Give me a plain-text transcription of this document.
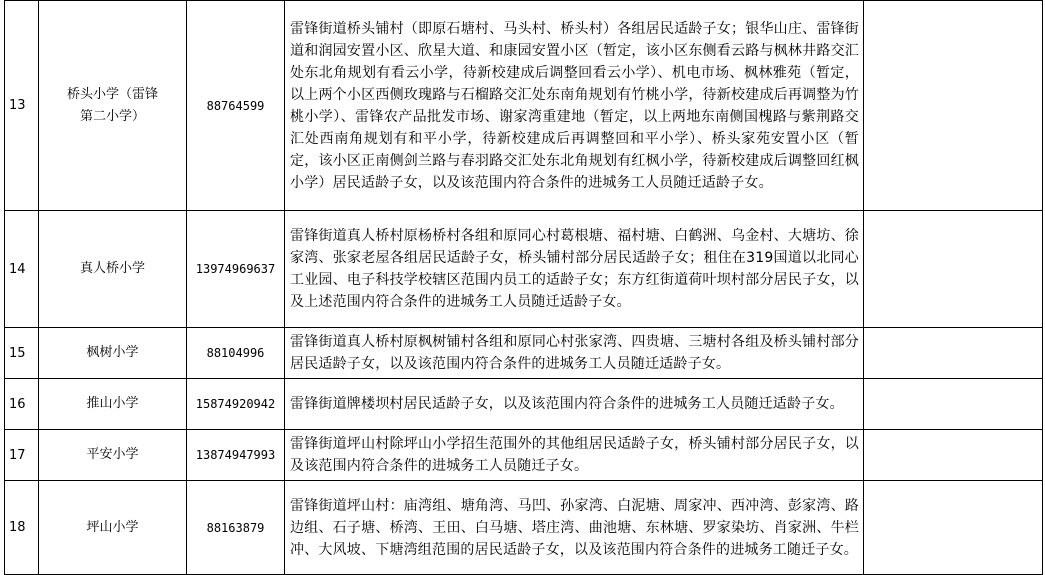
13	桥头小学（雷锋第二小学）	88764599	雷锋街道桥头铺村（即原石塘村、马头村、桥头村）各组居民适龄子女；银华山庄、雷锋街道和润园安置小区、欣星大道、和康园安置小区（暂定，该小区东侧看云路与枫林井路交汇处东北角规划有看云小学，待新校建成后调整回看云小学）、机电市场、枫林雅苑（暂定，以上两个小区西侧玫瑰路与石榴路交汇处东南角规划有竹桃小学，待新校建成后再调整为竹桃小学）、雷锋农产品批发市场、谢家湾重建地（暂定，以上两地东南侧国槐路与紫荆路交汇处西南角规划有和平小学，待新校建成后再调整回和平小学）、桥头家苑安置小区（暂定，该小区正南侧剑兰路与春羽路交汇处东北角规划有红枫小学，待新校建成后调整回红枫小学）居民适龄子女，以及该范围内符合条件的进城务工人员随迁适龄子女。	
14	真人桥小学	13974969637	雷锋街道真人桥村原杨桥村各组和原同心村葛根塘、福村塘、白鹤洲、乌金村、大塘坊、徐家湾、张家老屋各组居民适龄子女，桥头铺村部分居民适龄子女；租住在319国道以北同心工业园、电子科技学校辖区范围内员工的适龄子女；东方红街道荷叶坝村部分居民子女，以及上述范围内符合条件的进城务工人员随迁适龄子女。	
15	枫树小学	88104996	雷锋街道真人桥村原枫树铺村各组和原同心村张家湾、四贵塘、三塘村各组及桥头铺村部分居民适龄子女，以及该范围内符合条件的进城务工人员随迁适龄子女。	
16	推山小学	15874920942	雷锋街道牌楼坝村居民适龄子女，以及该范围内符合条件的进城务工人员随迁适龄子女。	
17	平安小学	13874947993	雷锋街道坪山村除坪山小学招生范围外的其他组居民适龄子女，桥头铺村部分居民子女，以及该范围内符合条件的进城务工人员随迁子女。	
18	坪山小学	88163879	雷锋街道坪山村：庙湾组、塘角湾、马凹、孙家湾、白泥塘、周家冲、西冲湾、彭家湾、路边组、石子塘、桥湾、王田、白马塘、塔庄湾、曲池塘、东林塘、罗家染坊、肖家洲、牛栏冲、大风坡、下塘湾组范围的居民适龄子女，以及该范围内符合条件的进城务工随迁子女。	
